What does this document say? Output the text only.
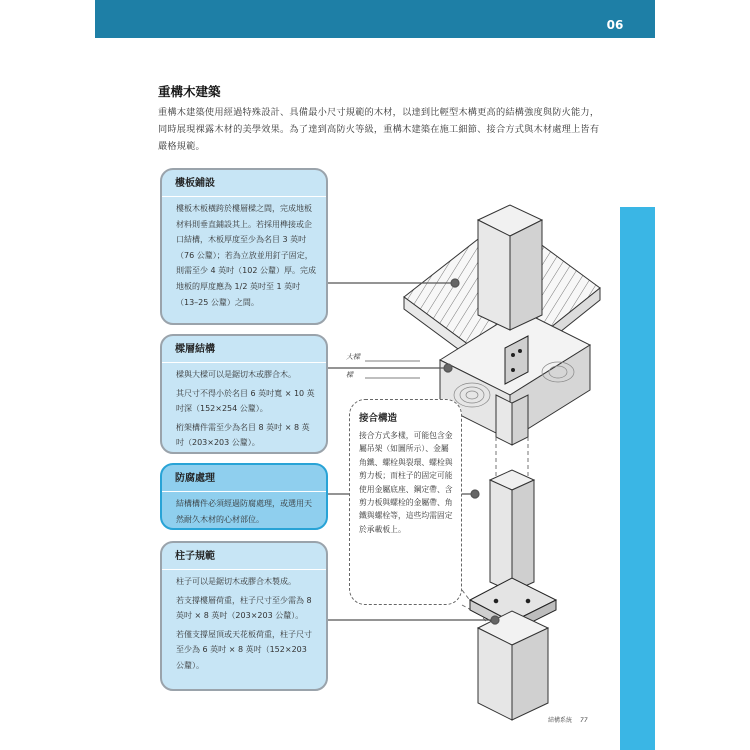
06
重構木建築
重構木建築使用經過特殊設計、具備最小尺寸規範的木材，以達到比輕型木構更高的結構強度與防火能力，同時展現裸露木材的美學效果。為了達到高防火等級，重構木建築在施工細節、接合方式與木材處理上皆有嚴格規範。
大樑
樑
樓板鋪設

樓板木板橫跨於樓層樑之間，完成地板材料則垂直鋪設其上。若採用榫接或企口結構，木板厚度至少為名目 3 英吋（76 公釐）；若為立放並用釘子固定，則需至少 4 英吋（102 公釐）厚。完成地板的厚度應為 1/2 英吋至 1 英吋（13–25 公釐）之間。

樑層結構

樑與大樑可以是鋸切木或膠合木。

其尺寸不得小於名目 6 英吋寬 × 10 英吋深（152×254 公釐）。

桁架構件需至少為名目 8 英吋 × 8 英吋（203×203 公釐）。

防腐處理

結構構件必須經過防腐處理，或選用天然耐久木材的心材部位。

柱子規範

柱子可以是鋸切木或膠合木製成。

若支撐樓層荷重，柱子尺寸至少需為 8 英吋 × 8 英吋（203×203 公釐）。

若僅支撐屋頂或天花板荷重，柱子尺寸至少為 6 英吋 × 8 英吋（152×203 公釐）。

接合構造
接合方式多樣，可能包含金屬吊架（如圖所示）、金屬角鐵、螺栓與裂環、螺栓與剪力板；而柱子的固定可能使用金屬底座、鋼定帶、含剪力板與螺栓的金屬帶、角鐵與螺栓等，這些均需固定於承載板上。
結構系統 77
